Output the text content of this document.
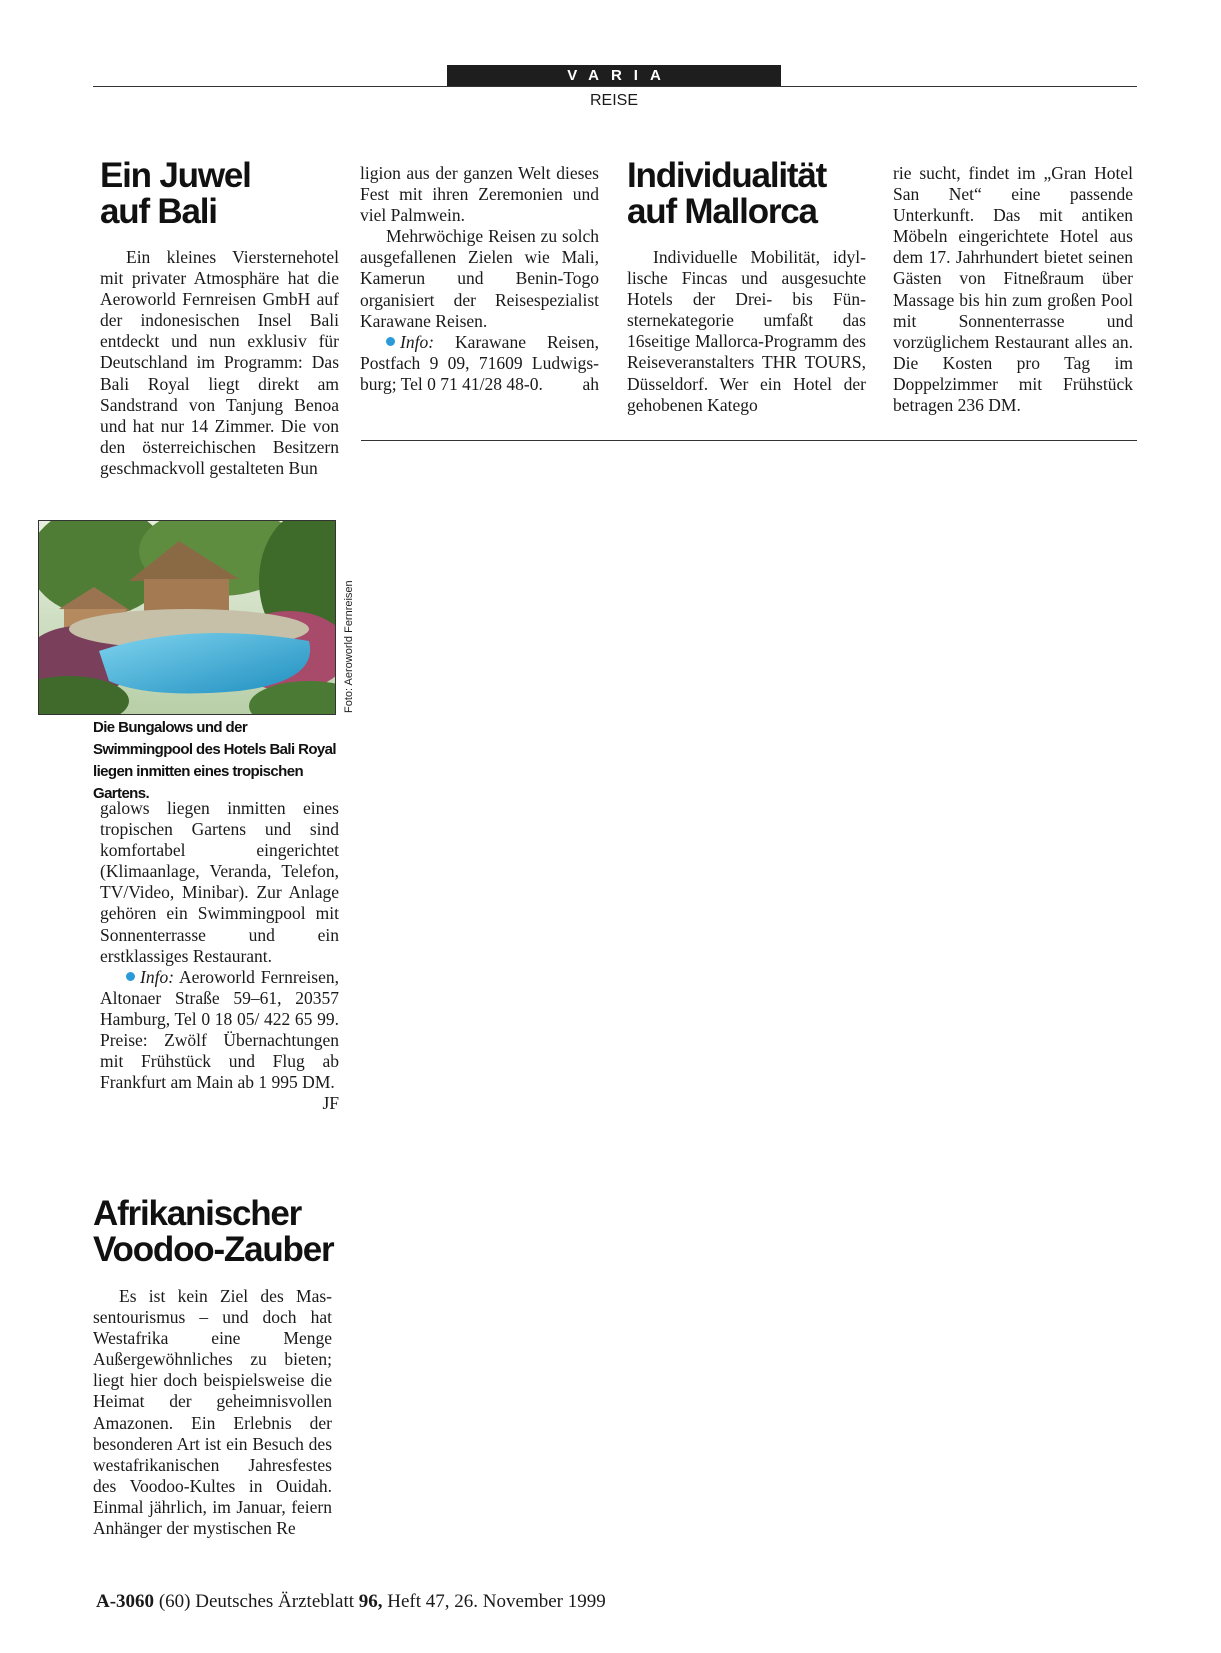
VARIA
REISE
Ein Juwel
auf Bali

Ein kleines Viersternehotel mit privater Atmosphäre hat die Aeroworld Fernreisen GmbH auf der indonesischen Insel Bali entdeckt und nun exklusiv für Deutschland im Programm: Das Bali Royal liegt direkt am Sandstrand von Tanjung Benoa und hat nur 14 Zimmer. Die von den österreichischen Besitzern geschmackvoll gestalteten Bun

Foto: Aeroworld Fernreisen

Die Bungalows und der Swimmingpool des Hotels Bali Royal liegen inmitten eines tropischen Gartens.

galows liegen inmitten eines tropischen Gartens und sind komfortabel eingerichtet (Klimaanlage, Veranda, Telefon, TV/Video, Minibar). Zur Anlage gehören ein Swimmingpool mit Sonnenterrasse und ein erstklassiges Restaurant.

Info: Aeroworld Fernreisen, Altonaer Straße 59–61, 20357 Hamburg, Tel 0 18 05/ 422 65 99. Preise: Zwölf Übernachtungen mit Frühstück und Flug ab Frankfurt am Main ab 1 995 DM.
JF

Afrikanischer
Voodoo-Zauber

Es ist kein Ziel des Massentourismus – und doch hat Westafrika eine Menge Außergewöhnliches zu bieten; liegt hier doch beispielsweise die Heimat der geheimnisvollen Amazonen. Ein Erlebnis der besonderen Art ist ein Besuch des westafrikanischen Jahresfestes des Voodoo-Kultes in Ouidah. Einmal jährlich, im Januar, feiern Anhänger der mystischen Re

ligion aus der ganzen Welt dieses Fest mit ihren Zeremonien und viel Palmwein.

Mehrwöchige Reisen zu solch ausgefallenen Zielen wie Mali, Kamerun und Benin-Togo organisiert der Reisespezialist Karawane Reisen.

Info: Karawane Reisen, Postfach 9 09, 71609 Ludwigsburg; Tel 0 71 41/28 48-0.	ah

Individualität
auf Mallorca

Individuelle Mobilität, idyllische Fincas und ausgesuchte Hotels der Drei- bis Fünsternekategorie umfaßt das 16seitige Mallorca-Programm des Reiseveranstalters THR TOURS, Düsseldorf. Wer ein Hotel der gehobenen Katego

rie sucht, findet im „Gran Hotel San Net“ eine passende Unterkunft. Das mit antiken Möbeln eingerichtete Hotel aus dem 17. Jahrhundert bietet seinen Gästen von Fitneßraum über Massage bis hin zum großen Pool mit Sonnenterrasse und vorzüglichem Restaurant alles an. Die Kosten pro Tag im Doppelzimmer mit Frühstück betragen 236 DM.

A-3060 (60) Deutsches Ärzteblatt 96, Heft 47, 26. November 1999
